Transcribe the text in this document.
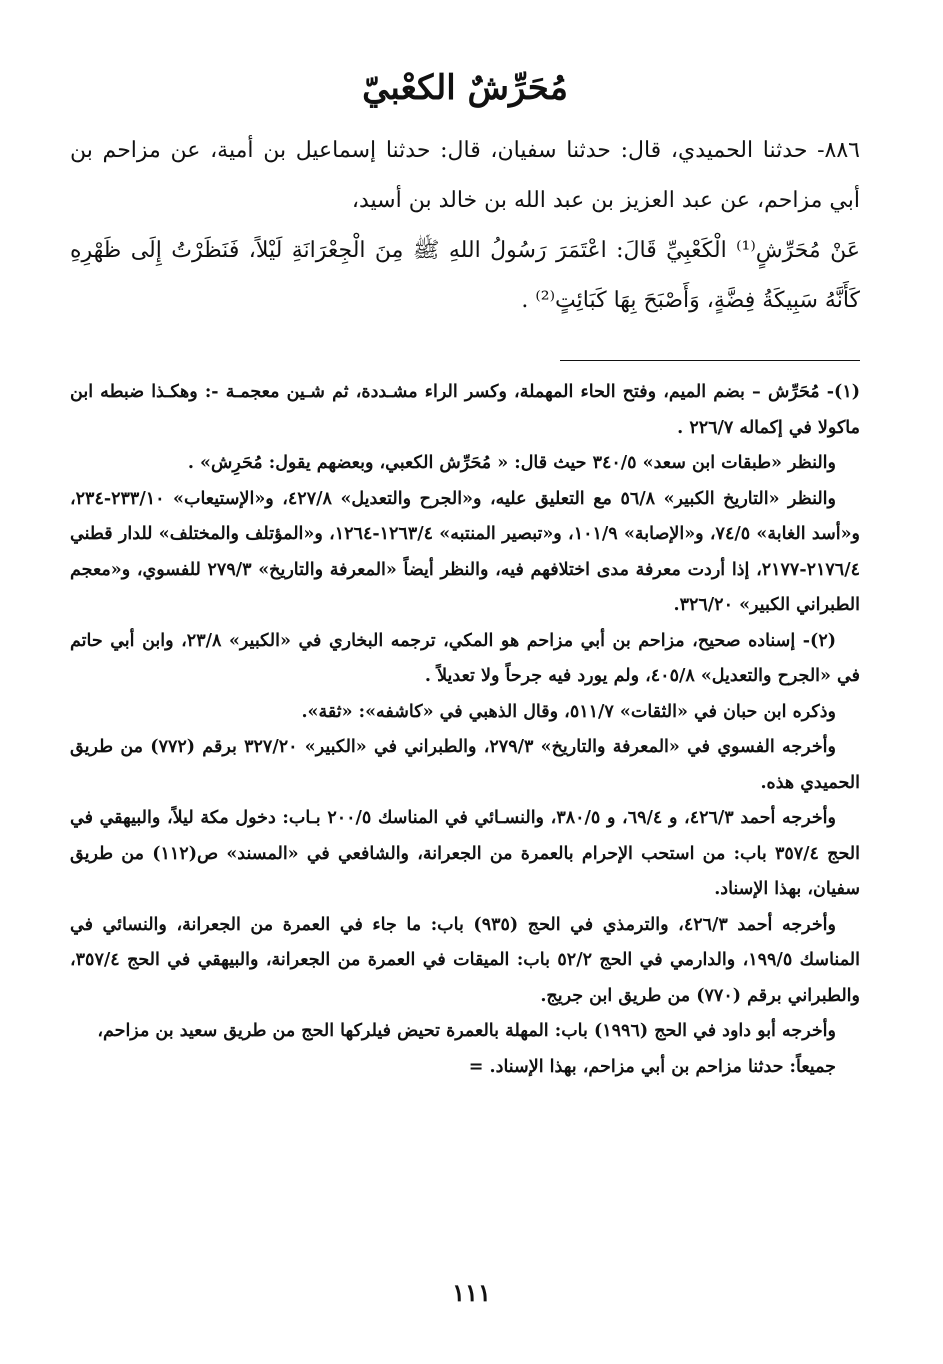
مُحَرِّشٌ الكعْبيّ

٨٨٦- حدثنا الحميدي، قال: حدثنا سفيان، قال: حدثنا إسماعيل بن أمية، عن مزاحم بن أبي مزاحم، عن عبد العزيز بن عبد الله بن خالد بن أسيد،

عَنْ مُحَرِّشٍ⁽¹⁾ الْكَعْبِيِّ قَالَ: اعْتَمَرَ رَسُولُ اللهِ ﷺ مِنَ الْجِعْرَانَةِ لَيْلاً، فَنَظَرْتُ إِلَى ظَهْرِهِ كَأَنَّهُ سَبِيكَةُ فِضَّةٍ، وَأَصْبَحَ بِهَا كَبَائِتٍ⁽²⁾ .

(١)- مُحَرِّش – بضم الميم، وفتح الحاء المهملة، وكسر الراء مشـددة، ثم شـين معجمـة -: وهكـذا ضبطه ابن ماكولا في إكماله ٢٢٦/٧ .

والنظر «طبقات ابن سعد» ٣٤٠/٥ حيث قال: « مُحَرِّش الكعبي، وبعضهم يقول: مُحَرِش» .

والنظر «التاريخ الكبير» ٥٦/٨ مع التعليق عليه، و«الجرح والتعديل» ٤٢٧/٨، و«الإستيعاب» ٢٣٣/١٠-٢٣٤، و«أسد الغابة» ٧٤/٥، و«الإصابة» ١٠١/٩، و«تبصير المنتبه» ١٢٦٣/٤-١٢٦٤، و«المؤتلف والمختلف» للدار قطني ٢١٧٦/٤-٢١٧٧، إذا أردت معرفة مدى اختلافهم فيه، والنظر أيضاً «المعرفة والتاريخ» ٢٧٩/٣ للفسوي، و«معجم الطبراني الكبير» ٣٢٦/٢٠.

(٢)- إسناده صحيح، مزاحم بن أبي مزاحم هو المكي، ترجمه البخاري في «الكبير» ٢٣/٨، وابن أبي حاتم في «الجرح والتعديل» ٤٠٥/٨، ولم يورد فيه جرحاً ولا تعديلاً .

وذكره ابن حبان في «الثقات» ٥١١/٧، وقال الذهبي في «كاشفه»: «ثقة».

وأخرجه الفسوي في «المعرفة والتاريخ» ٢٧٩/٣، والطبراني في «الكبير» ٣٢٧/٢٠ برقم (٧٧٢) من طريق الحميدي هذه.

وأخرجه أحمد ٤٢٦/٣، و ٦٩/٤، و ٣٨٠/٥، والنسـائي في المناسك ٢٠٠/٥ بـاب: دخول مكة ليلاً، والبيهقي في الحج ٣٥٧/٤ باب: من استحب الإحرام بالعمرة من الجعرانة، والشافعي في «المسند» ص(١١٢) من طريق سفيان، بهذا الإسناد.

وأخرجه أحمد ٤٢٦/٣، والترمذي في الحج (٩٣٥) باب: ما جاء في العمرة من الجعرانة، والنسائي في المناسك ١٩٩/٥، والدارمي في الحج ٥٢/٢ باب: الميقات في العمرة من الجعرانة، والبيهقي في الحج ٣٥٧/٤، والطبراني برقم (٧٧٠) من طريق ابن جريج.

وأخرجه أبو داود في الحج (١٩٩٦) باب: المهلة بالعمرة تحيض فيلركها الحج من طريق سعيد بن مزاحم،

جميعاً: حدثنا مزاحم بن أبي مزاحم، بهذا الإسناد. =

١١١
